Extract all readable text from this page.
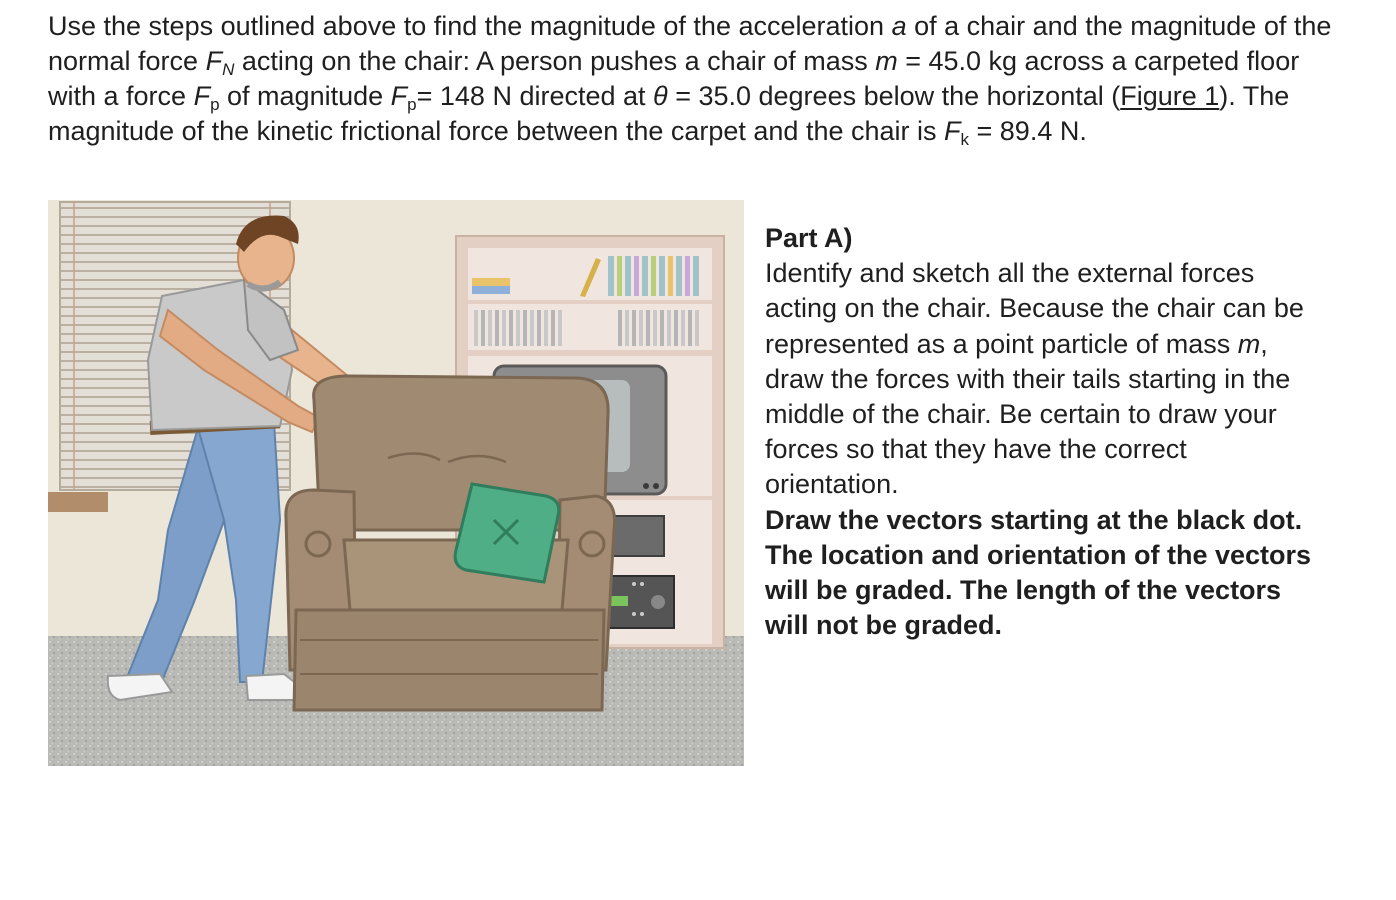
Use the steps outlined above to find the magnitude of the acceleration a of a chair and the magnitude of the normal force $F_N$ acting on the chair: A person pushes a chair of mass m = 45.0 kg across a carpeted floor with a force $F_p$ of magnitude $F_p= 148$ N directed at θ = 35.0 degrees below the horizontal (Figure 1). The magnitude of the kinetic frictional force between the carpet and the chair is $F_k = 89.4$ N.

Part A)
Identify and sketch all the external forces acting on the chair. Because the chair can be represented as a point particle of mass m, draw the forces with their tails starting in the middle of the chair. Be certain to draw your forces so that they have the correct orientation.
Draw the vectors starting at the black dot. The location and orientation of the vectors will be graded. The length of the vectors will not be graded.
